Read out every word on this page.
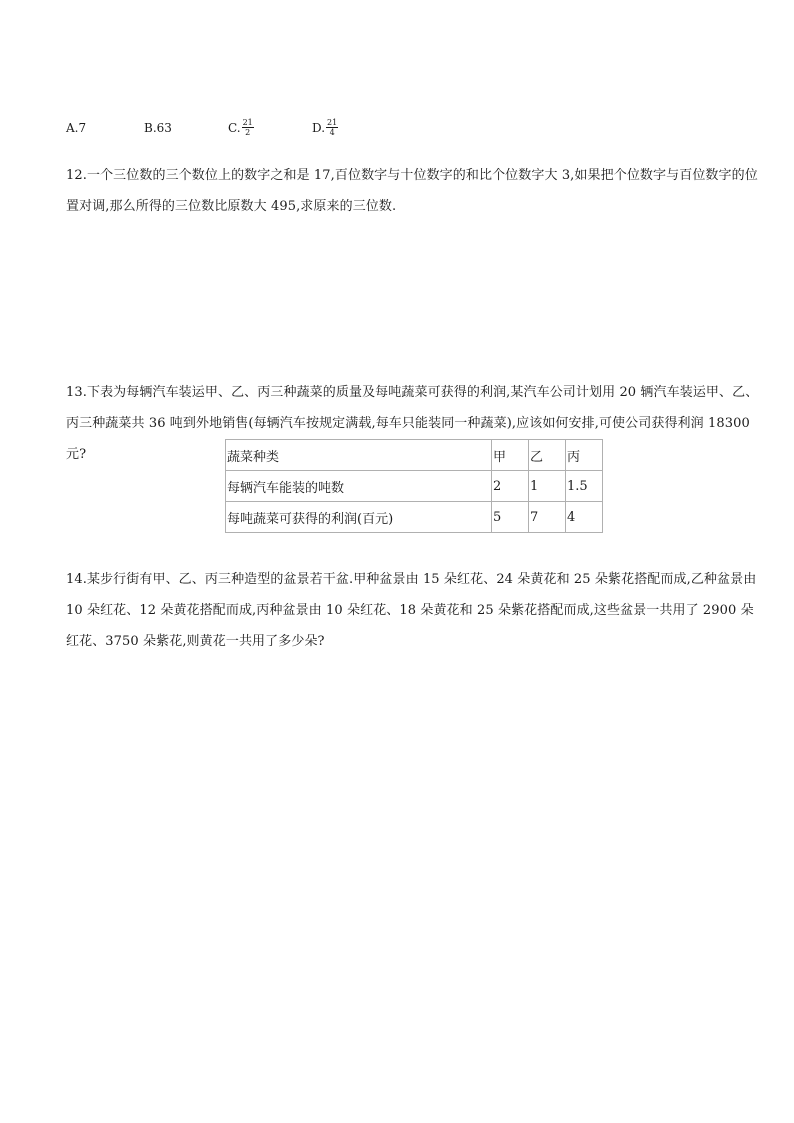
A. 7	B. 63	C. $\frac{21}{2}$	D. $\frac{21}{4}$
12.一个三位数的三个数位上的数字之和是 17,百位数字与十位数字的和比个位数字大 3,如果把个位数字与百位数字的位置对调,那么所得的三位数比原数大 495,求原来的三位数.
13.下表为每辆汽车装运甲、乙、丙三种蔬菜的质量及每吨蔬菜可获得的利润,某汽车公司计划用 20 辆汽车装运甲、乙、丙三种蔬菜共 36 吨到外地销售(每辆汽车按规定满载,每车只能装同一种蔬菜),应该如何安排,可使公司获得利润 18300 元?	蔬菜种类	甲	乙	丙
每辆汽车能装的吨数	2	1	1.5
每吨蔬菜可获得的利润(百元)	5	7	4
14.某步行街有甲、乙、丙三种造型的盆景若干盆.甲种盆景由 15 朵红花、24 朵黄花和 25 朵紫花搭配而成,乙种盆景由 10 朵红花、12 朵黄花搭配而成,丙种盆景由 10 朵红花、18 朵黄花和 25 朵紫花搭配而成,这些盆景一共用了 2900 朵红花、3750 朵紫花,则黄花一共用了多少朵?
